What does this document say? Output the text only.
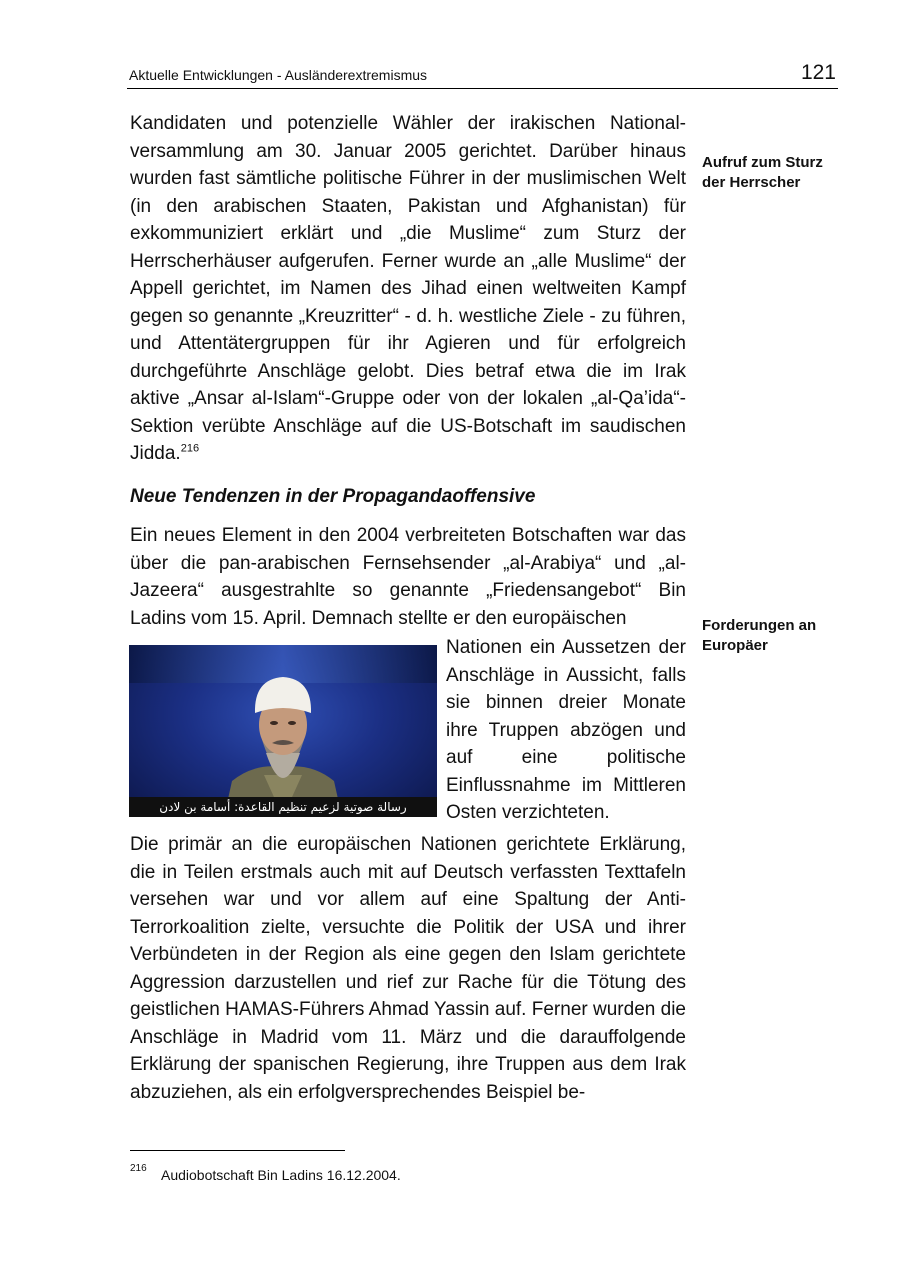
Aktuelle Entwicklungen - Ausländerextremismus	121

Kandidaten und potenzielle Wähler der irakischen Nationalversammlung am 30. Januar 2005 gerichtet. Darüber hinaus wurden fast sämtliche politische Führer in der muslimischen Welt (in den arabischen Staaten, Pakistan und Afghanistan) für exkommuniziert erklärt und „die Muslime“ zum Sturz der Herrscherhäuser aufgerufen. Ferner wurde an „alle Muslime“ der Appell gerichtet, im Namen des Jihad einen weltweiten Kampf gegen so genannte „Kreuzritter“ - d. h. westliche Ziele - zu führen, und Attentätergruppen für ihr Agieren und für erfolgreich durchgeführte Anschläge gelobt. Dies betraf etwa die im Irak aktive „Ansar al-Islam“-Gruppe oder von der lokalen „al-Qa’ida“-Sektion verübte Anschläge auf die US-Botschaft im saudischen Jidda.$^{216}$

Neue Tendenzen in der Propagandaoffensive

Ein neues Element in den 2004 verbreiteten Botschaften war das über die pan-arabischen Fernsehsender „al-Arabiya“ und „al-Jazeera“ ausgestrahlte so genannte „Friedensangebot“ Bin Ladins vom 15. April. Demnach stellte er den europäischen

رسالة صوتية لزعيم تنظيم القاعدة: أسامة بن لادن

Nationen ein Aussetzen der Anschläge in Aussicht, falls sie binnen dreier Monate ihre Truppen abzögen und auf eine politische Einflussnahme im Mittleren Osten verzichteten.

Die primär an die europäischen Nationen gerichtete Erklärung, die in Teilen erstmals auch mit auf Deutsch verfassten Texttafeln versehen war und vor allem auf eine Spaltung der Anti-Terrorkoalition zielte, versuchte die Politik der USA und ihrer Verbündeten in der Region als eine gegen den Islam gerichtete Aggression darzustellen und rief zur Rache für die Tötung des geistlichen HAMAS-Führers Ahmad Yassin auf. Ferner wurden die Anschläge in Madrid vom 11. März und die darauffolgende Erklärung der spanischen Regierung, ihre Truppen aus dem Irak abzuziehen, als ein erfolgversprechendes Beispiel be-

Aufruf zum Sturz der Herrscher
Forderungen an Europäer
216 Audiobotschaft Bin Ladins 16.12.2004.
